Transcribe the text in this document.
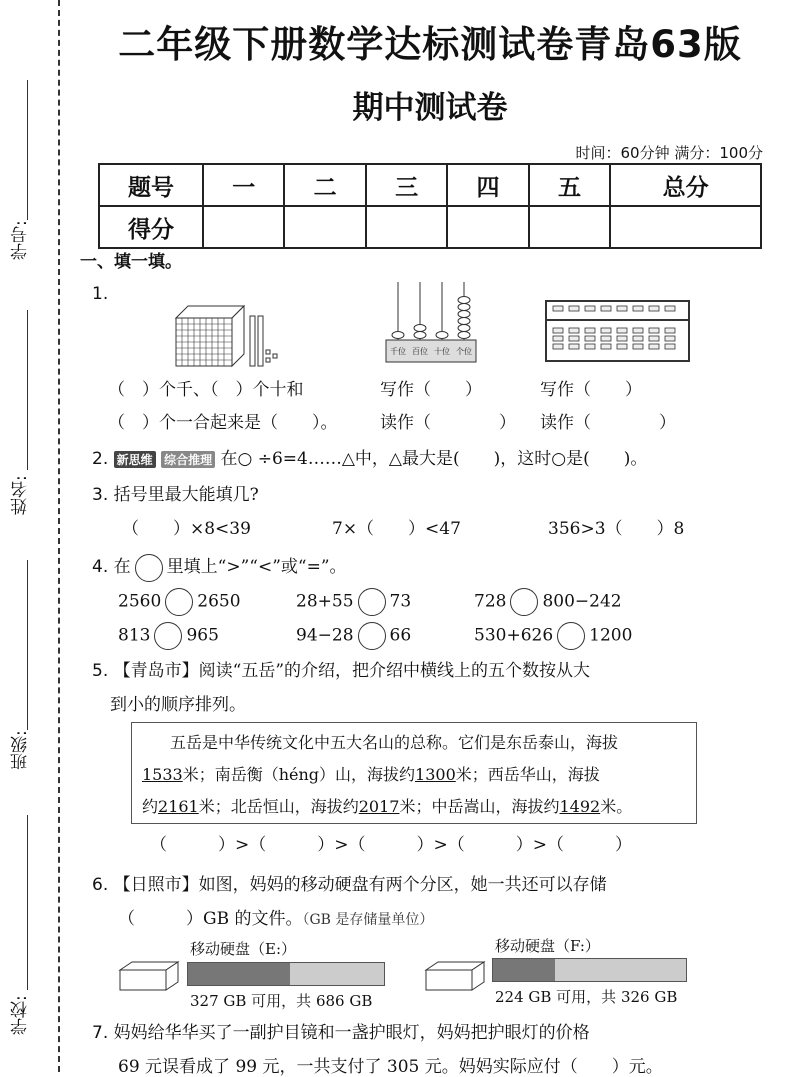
学号:
姓名:
班级:
学校:
二年级下册数学达标测试卷青岛63版
期中测试卷
时间：60分钟 满分：100分
题号	一	二	三	四	五	总分
得分						
一、填一填。
1.
千位 百位 十位 个位
（　）个千、（　）个十和	写作（　　）	写作（　　）
（　）个一合起来是（　　）。	读作（　　　　） 读作（　　　　）
2. 新思维 综合推理 在○ ÷6=4……△中，△最大是(　　)，这时○是(　　)。
3. 括号里最大能填几?
（　　）×8<39	7×（　　）<47	356>3（　　）8
4. 在 里填上“>”“<”或“=”。
2560 2650	28+55 73	728 800−242
813 965	94−28 66	530+626 1200
5. 【青岛市】阅读“五岳”的介绍，把介绍中横线上的五个数按从大
到小的顺序排列。
五岳是中华传统文化中五大名山的总称。它们是东岳泰山，海拔
1533米；南岳衡（héng）山，海拔约1300米；西岳华山，海拔
约2161米；北岳恒山，海拔约2017米；中岳嵩山，海拔约1492米。
（　　　）>（　　　）>（　　　）>（　　　）>（　　　）
6. 【日照市】如图，妈妈的移动硬盘有两个分区，她一共还可以存储
（　　　）GB 的文件。（GB 是存储量单位）
移动硬盘（E:）
327 GB 可用，共 686 GB
移动硬盘（F:）
224 GB 可用，共 326 GB
7. 妈妈给华华买了一副护目镜和一盏护眼灯，妈妈把护眼灯的价格
69 元误看成了 99 元，一共支付了 305 元。妈妈实际应付（　　）元。
